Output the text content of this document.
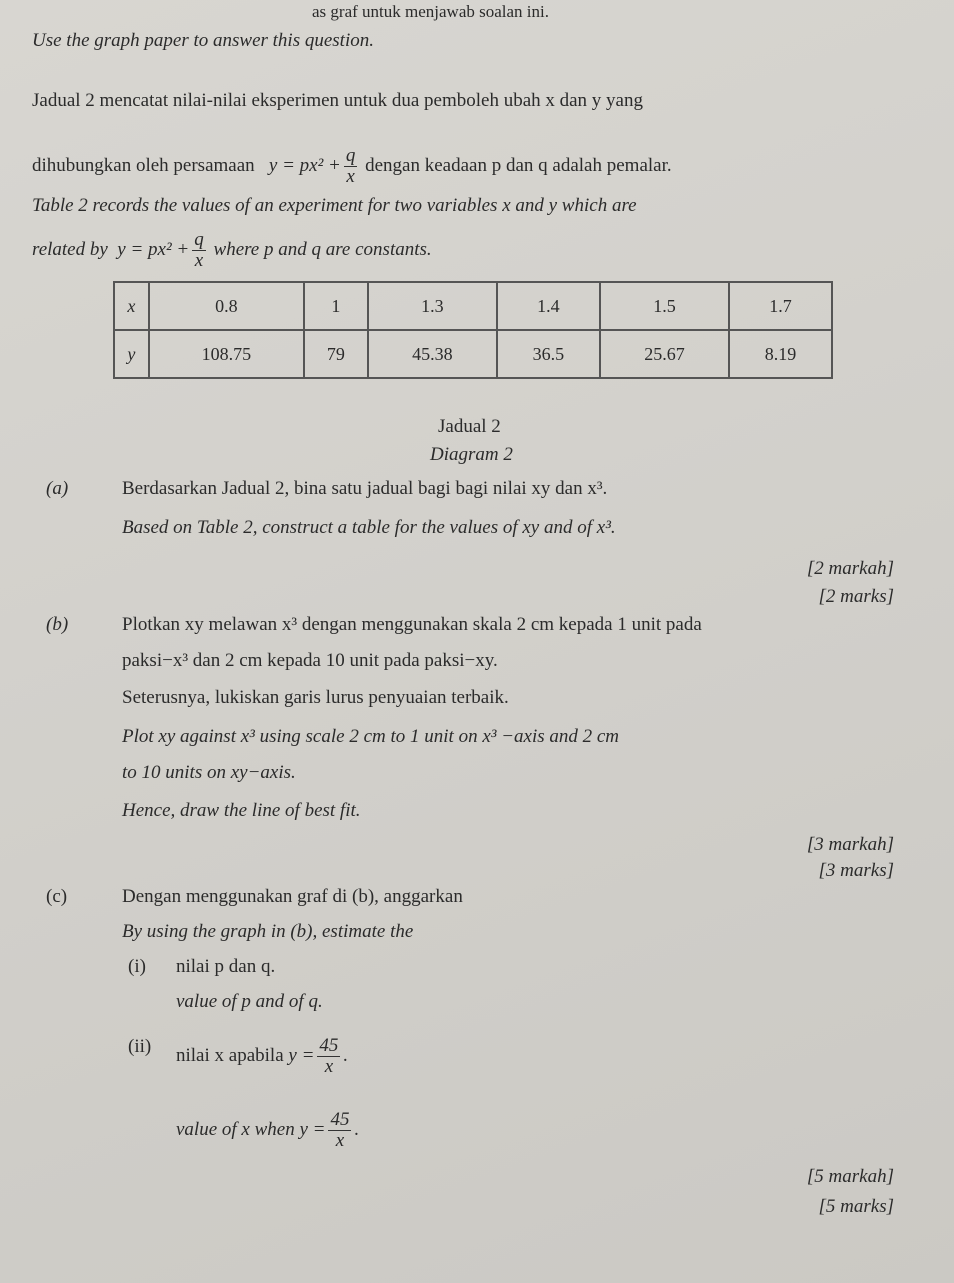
as graf untuk menjawab soalan ini.
Use the graph paper to answer this question.
Jadual 2 mencatat nilai-nilai eksperimen untuk dua pemboleh ubah x dan y yang
dihubungkan oleh persamaan $y = px^2 + \frac{q}{x}$ dengan keadaan p dan q adalah pemalar.
Table 2 records the values of an experiment for two variables x and y which are
related by $y = px^2 + \frac{q}{x}$ where p and q are constants.
x	0.8	1	1.3	1.4	1.5	1.7
y	108.75	79	45.38	36.5	25.67	8.19
Jadual 2
Diagram 2
(a)	Berdasarkan Jadual 2, bina satu jadual bagi bagi nilai xy dan x³.
Based on Table 2, construct a table for the values of xy and of x³.
[2 markah]
[2 marks]
(b)	Plotkan xy melawan x³ dengan menggunakan skala 2 cm kepada 1 unit pada
paksi−x³ dan 2 cm kepada 10 unit pada paksi−xy.
Seterusnya, lukiskan garis lurus penyuaian terbaik.
Plot xy against x³ using scale 2 cm to 1 unit on x³ −axis and 2 cm
to 10 units on xy−axis.
Hence, draw the line of best fit.
[3 markah]
[3 marks]
(c)	Dengan menggunakan graf di (b), anggarkan
By using the graph in (b), estimate the
(i) nilai p dan q.
value of p and of q.
(ii) nilai x apabila $y = \frac{45}{x}$ .
value of x when $y = \frac{45}{x}$ .
[5 markah]
[5 marks]
